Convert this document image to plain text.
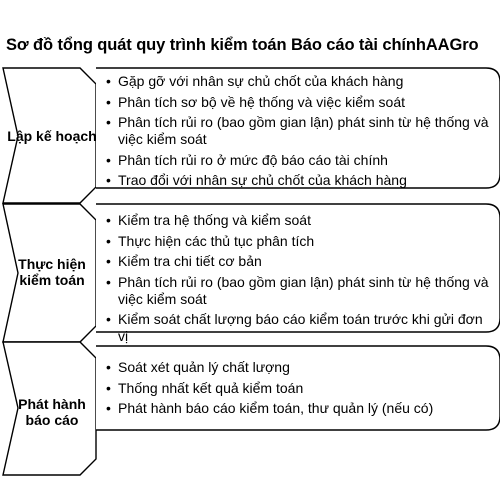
Sơ đồ tổng quát quy trình kiểm toán Báo cáo tài chínhAAGro
Lập kế hoạch
Thực hiện
kiểm toán
Phát hành
báo cáo
• Gặp gỡ với nhân sự chủ chốt của khách hàng
• Phân tích sơ bộ về hệ thống và việc kiểm soát
• Phân tích rủi ro (bao gồm gian lận) phát sinh từ hệ thống và việc kiểm soát
• Phân tích rủi ro ở mức độ báo cáo tài chính
• Trao đổi với nhân sự chủ chốt của khách hàng
• Kiểm tra hệ thống và kiểm soát
• Thực hiện các thủ tục phân tích
• Kiểm tra chi tiết cơ bản
• Phân tích rủi ro (bao gồm gian lận) phát sinh từ hệ thống và việc kiểm soát
• Kiểm soát chất lượng báo cáo kiểm toán trước khi gửi đơn vị
• Soát xét quản lý chất lượng
• Thống nhất kết quả kiểm toán
• Phát hành báo cáo kiểm toán, thư quản lý (nếu có)
